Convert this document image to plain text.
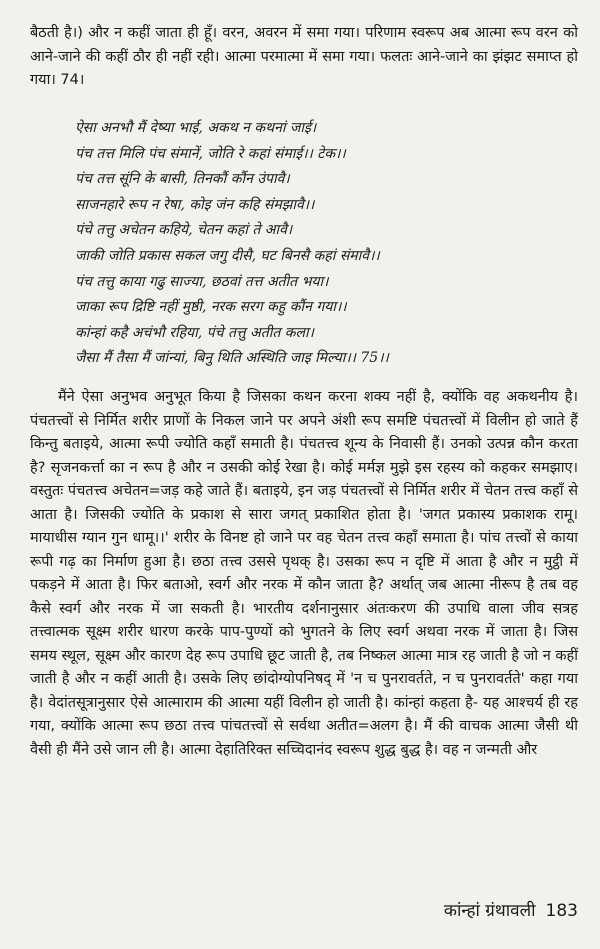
बैठती है।) और न कहीं जाता ही हूँ। वरन, अवरन में समा गया। परिणाम स्वरूप अब आत्मा रूप वरन को आने-जाने की कहीं ठौर ही नहीं रही। आत्मा परमात्मा में समा गया। फलतः आने-जाने का झंझट समाप्त हो गया। 74।

ऐसा अनभौ मैं देष्या भाई, अकथ न कथनां जाई।
पंच तत्त मिलि पंच संमानें, जोति रे कहां संमाई।। टेक।।
पंच तत्त सूंनि के बासी, तिनकौं कौंन उंपावै।
साजनहारे रूप न रेषा, कोइ जंन कहि संमझावै।।
पंचे तत्तु अचेतन कहिये, चेतन कहां ते आवै।
जाकी जोति प्रकास सकल जगु दीसै, घट बिनसै कहां संमावै।।
पंच तत्तु काया गढु साज्या, छठवां तत्त अतीत भया।
जाका रूप द्रिष्टि नहीं मुष्ठी, नरक सरग कहु कौंन गया।।
कांन्हां कहै अचंभौ रहिया, पंचे तत्तु अतीत कला।
जैसा मैं तैसा मैं जांन्यां, बिनु थिति अस्थिति जाइ मिल्या।। 75।।

मैंने ऐसा अनुभव अनुभूत किया है जिसका कथन करना शक्य नहीं है, क्योंकि वह अकथनीय है। पंचतत्त्वों से निर्मित शरीर प्राणों के निकल जाने पर अपने अंशी रूप समष्टि पंचतत्त्वों में विलीन हो जाते हैं किन्तु बताइये, आत्मा रूपी ज्योति कहाँ समाती है। पंचतत्त्व शून्य के निवासी हैं। उनको उत्पन्न कौन करता है? सृजनकर्त्ता का न रूप है और न उसकी कोई रेखा है। कोई मर्मज्ञ मुझे इस रहस्य को कहकर समझाए। वस्तुतः पंचतत्त्व अचेतन=जड़ कहे जाते हैं। बताइये, इन जड़ पंचतत्त्वों से निर्मित शरीर में चेतन तत्त्व कहाँ से आता है। जिसकी ज्योति के प्रकाश से सारा जगत् प्रकाशित होता है। 'जगत प्रकास्य प्रकाशक रामू। मायाधीस ग्यान गुन धामू।।' शरीर के विनष्ट हो जाने पर वह चेतन तत्त्व कहाँ समाता है। पांच तत्त्वों से काया रूपी गढ़ का निर्माण हुआ है। छठा तत्त्व उससे पृथक् है। उसका रूप न दृष्टि में आता है और न मुट्ठी में पकड़ने में आता है। फिर बताओ, स्वर्ग और नरक में कौन जाता है? अर्थात् जब आत्मा नीरूप है तब वह कैसे स्वर्ग और नरक में जा सकती है। भारतीय दर्शनानुसार अंतःकरण की उपाधि वाला जीव सत्रह तत्त्वात्मक सूक्ष्म शरीर धारण करके पाप-पुण्यों को भुगतने के लिए स्वर्ग अथवा नरक में जाता है। जिस समय स्थूल, सूक्ष्म और कारण देह रूप उपाधि छूट जाती है, तब निष्कल आत्मा मात्र रह जाती है जो न कहीं जाती है और न कहीं आती है। उसके लिए छांदोग्योपनिषद् में 'न च पुनरावर्तते, न च पुनरावर्तते' कहा गया है। वेदांतसूत्रानुसार ऐसे आत्माराम की आत्मा यहीं विलीन हो जाती है। कांन्हां कहता है- यह आश्चर्य ही रह गया, क्योंकि आत्मा रूप छठा तत्त्व पांचतत्त्वों से सर्वथा अतीत=अलग है। मैं की वाचक आत्मा जैसी थी वैसी ही मैंने उसे जान ली है। आत्मा देहातिरिक्त सच्चिदानंद स्वरूप शुद्ध बुद्ध है। वह न जन्मती और

कांन्हां ग्रंथावली 183
